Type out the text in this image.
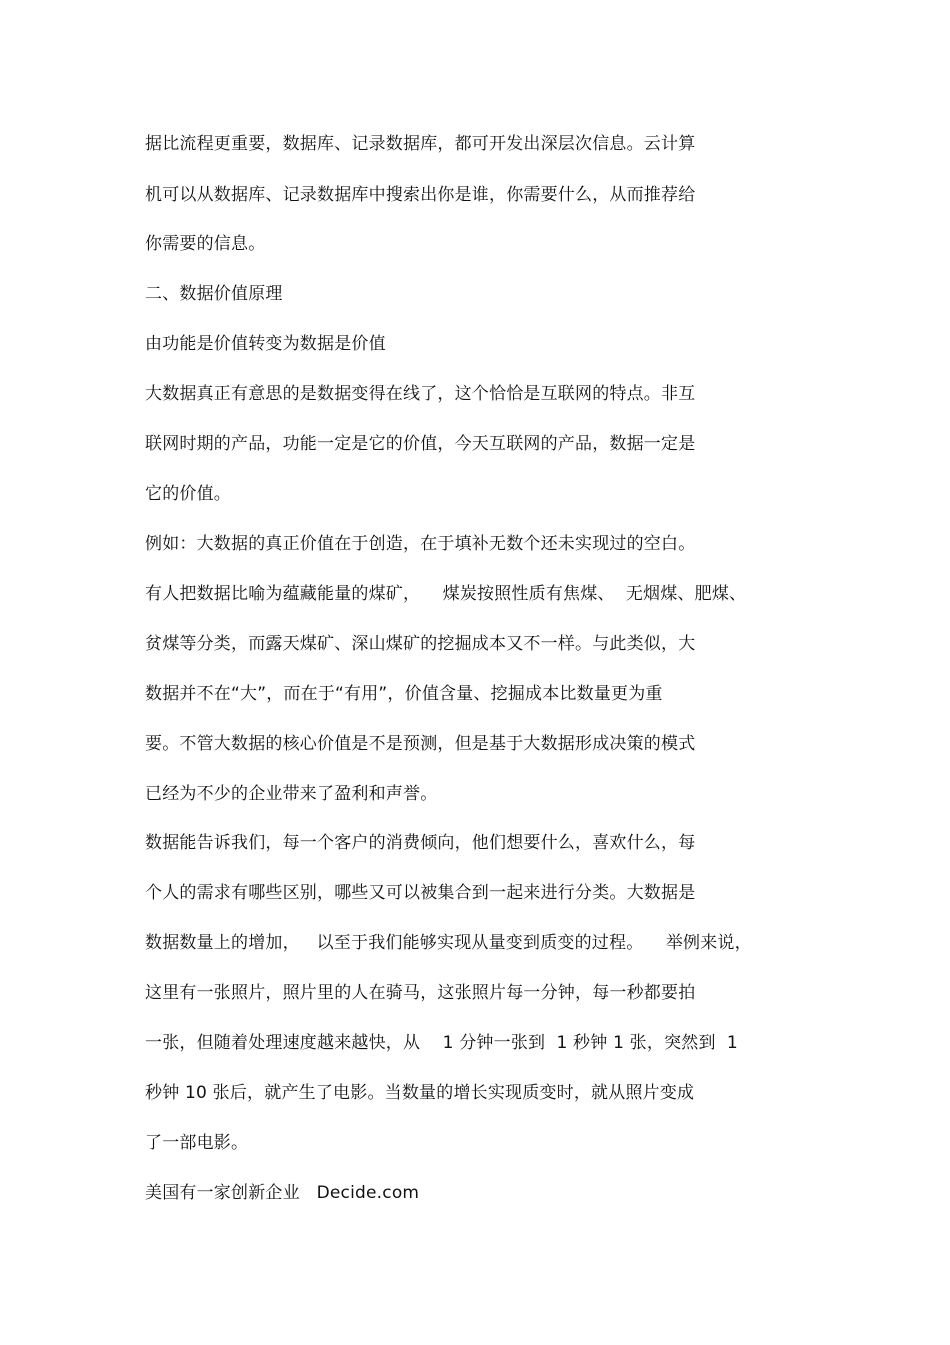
据比流程更重要，数据库、记录数据库，都可开发出深层次信息。云计算
机可以从数据库、记录数据库中搜索出你是谁，你需要什么，从而推荐给
你需要的信息。
二、数据价值原理
由功能是价值转变为数据是价值
大数据真正有意思的是数据变得在线了，这个恰恰是互联网的特点。非互
联网时期的产品，功能一定是它的价值，今天互联网的产品，数据一定是
它的价值。
例如：大数据的真正价值在于创造，在于填补无数个还未实现过的空白。
有人把数据比喻为蕴藏能量的煤矿，    煤炭按照性质有焦煤、  无烟煤、肥煤、
贫煤等分类，而露天煤矿、深山煤矿的挖掘成本又不一样。与此类似，大
数据并不在“大”，而在于“有用”，价值含量、挖掘成本比数量更为重
要。不管大数据的核心价值是不是预测，但是基于大数据形成决策的模式
已经为不少的企业带来了盈利和声誉。
数据能告诉我们，每一个客户的消费倾向，他们想要什么，喜欢什么，每
个人的需求有哪些区别，哪些又可以被集合到一起来进行分类。大数据是
数据数量上的增加，   以至于我们能够实现从量变到质变的过程。    举例来说，
这里有一张照片，照片里的人在骑马，这张照片每一分钟，每一秒都要拍
一张，但随着处理速度越来越快，从    1 分钟一张到  1 秒钟 1 张，突然到  1
秒钟 10 张后，就产生了电影。当数量的增长实现质变时，就从照片变成
了一部电影。
美国有一家创新企业   Decide.com
